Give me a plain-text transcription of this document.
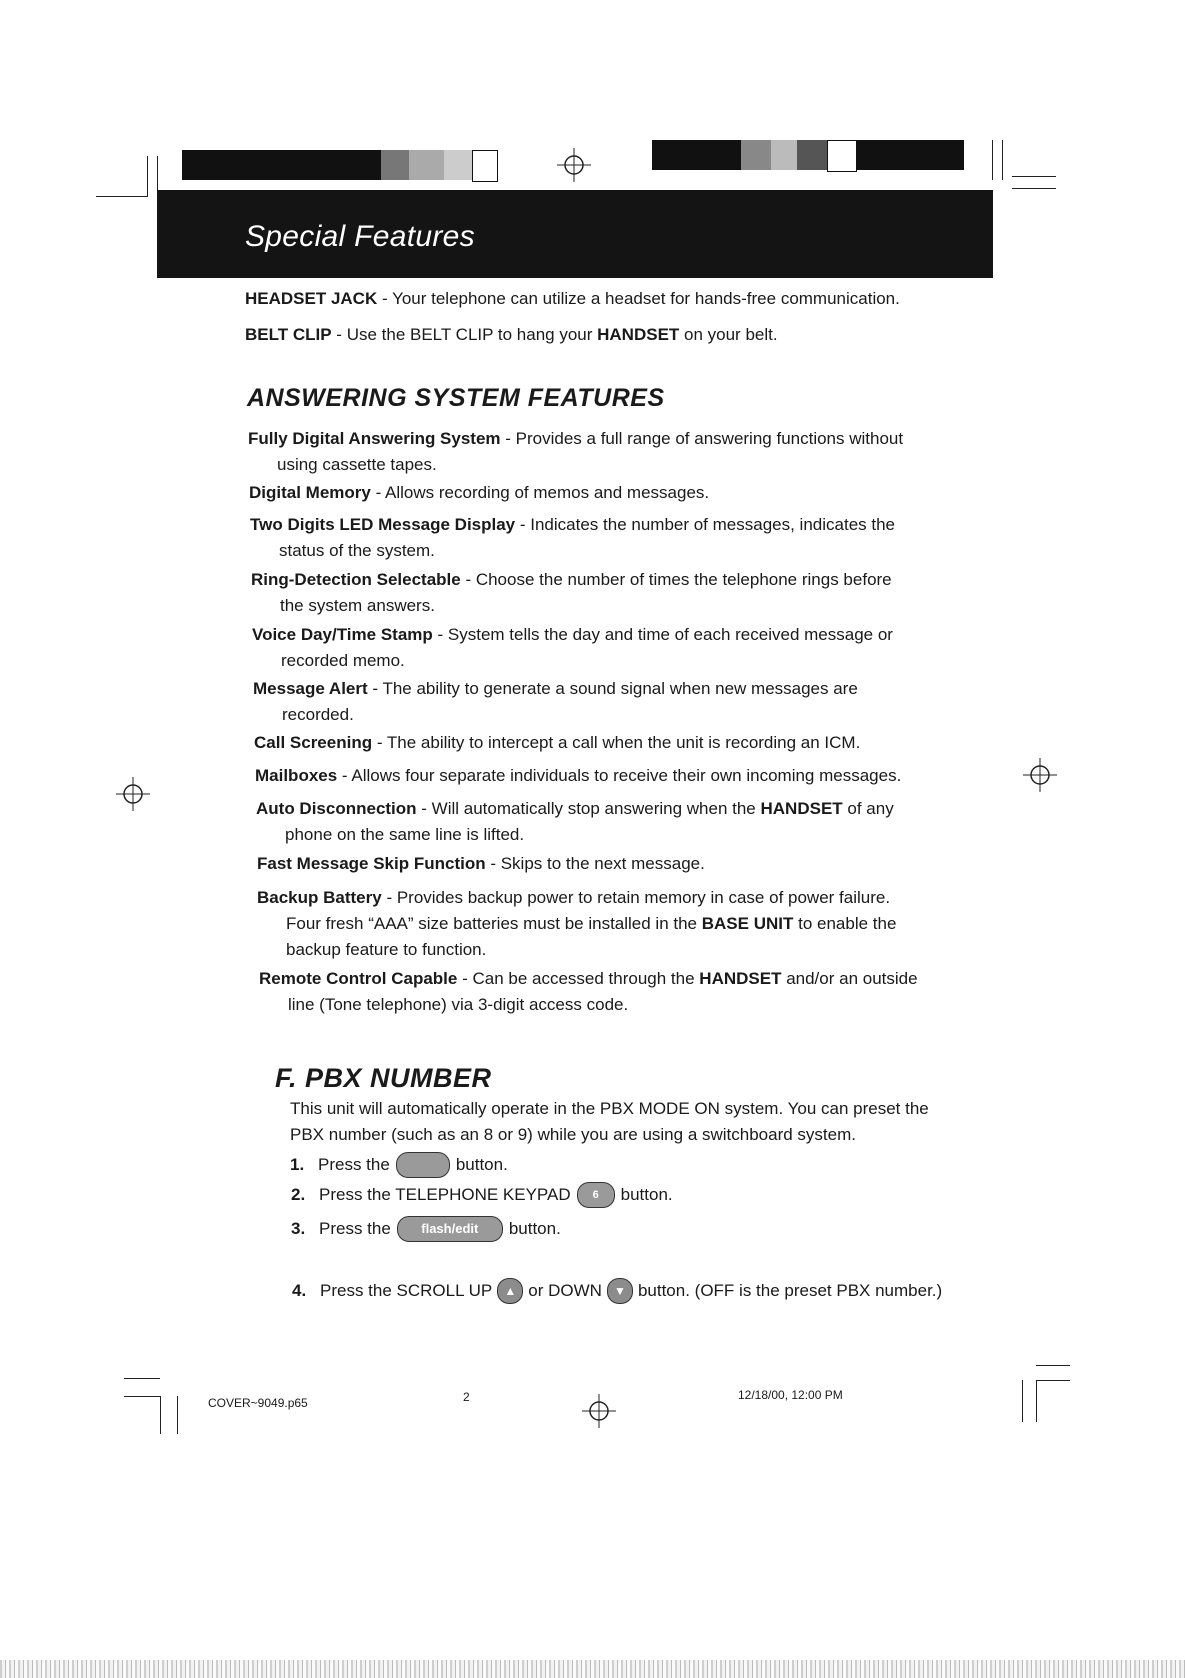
Special Features
HEADSET JACK - Your telephone can utilize a headset for hands-free communication.
BELT CLIP - Use the BELT CLIP to hang your HANDSET on your belt.
ANSWERING SYSTEM FEATURES
Fully Digital Answering System - Provides a full range of answering functions without
using cassette tapes.
Digital Memory - Allows recording of memos and messages.
Two Digits LED Message Display - Indicates the number of messages, indicates the
status of the system.
Ring-Detection Selectable - Choose the number of times the telephone rings before
the system answers.
Voice Day/Time Stamp - System tells the day and time of each received message or
recorded memo.
Message Alert - The ability to generate a sound signal when new messages are
recorded.
Call Screening - The ability to intercept a call when the unit is recording an ICM.
Mailboxes - Allows four separate individuals to receive their own incoming messages.
Auto Disconnection - Will automatically stop answering when the HANDSET of any
phone on the same line is lifted.
Fast Message Skip Function - Skips to the next message.
Backup Battery - Provides backup power to retain memory in case of power failure.
Four fresh “AAA” size batteries must be installed in the BASE UNIT to enable the
backup feature to function.
Remote Control Capable - Can be accessed through the HANDSET and/or an outside
line (Tone telephone) via 3-digit access code.
F. PBX NUMBER
This unit will automatically operate in the PBX MODE ON system. You can preset the
PBX number (such as an 8 or 9) while you are using a switchboard system.
1. Press the	button.
2. Press the TELEPHONE KEYPAD	6	button.
3. Press the	flash/edit	button.
4. Press the SCROLL UP	▲ or DOWN	▼ button. (OFF is the preset PBX number.)
COVER~9049.p65	2	12/18/00, 12:00 PM
